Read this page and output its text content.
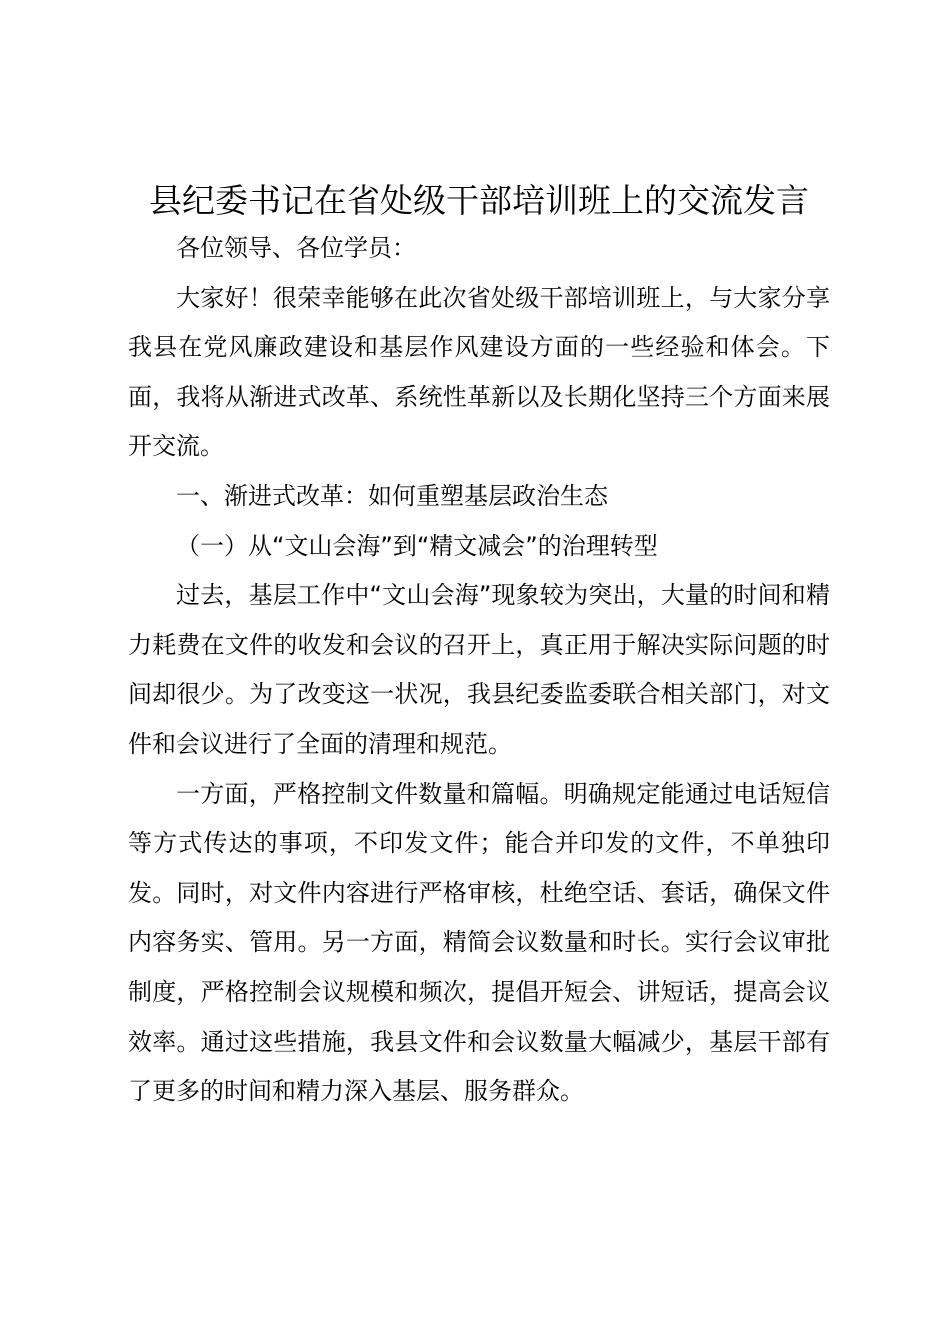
县纪委书记在省处级干部培训班上的交流发言

各位领导、各位学员：

大家好！很荣幸能够在此次省处级干部培训班上，与大家分享我县在党风廉政建设和基层作风建设方面的一些经验和体会。下面，我将从渐进式改革、系统性革新以及长期化坚持三个方面来展开交流。

一、渐进式改革：如何重塑基层政治生态

（一）从“文山会海”到“精文减会”的治理转型

过去，基层工作中“文山会海”现象较为突出，大量的时间和精力耗费在文件的收发和会议的召开上，真正用于解决实际问题的时间却很少。为了改变这一状况，我县纪委监委联合相关部门，对文件和会议进行了全面的清理和规范。

一方面，严格控制文件数量和篇幅。明确规定能通过电话短信等方式传达的事项，不印发文件；能合并印发的文件，不单独印发。同时，对文件内容进行严格审核，杜绝空话、套话，确保文件内容务实、管用。另一方面，精简会议数量和时长。实行会议审批制度，严格控制会议规模和频次，提倡开短会、讲短话，提高会议效率。通过这些措施，我县文件和会议数量大幅减少，基层干部有了更多的时间和精力深入基层、服务群众。
